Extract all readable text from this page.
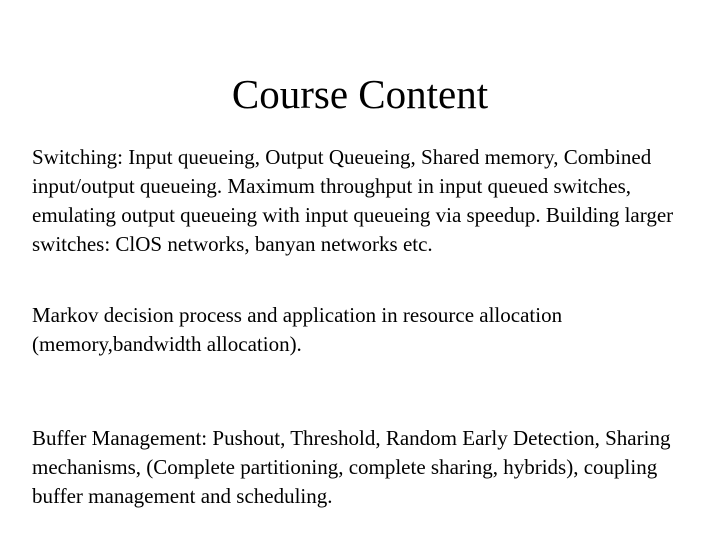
Course Content

Switching: Input queueing, Output Queueing, Shared memory, Combined input/output queueing. Maximum throughput in input queued switches, emulating output queueing with input queueing via speedup. Building larger switches: Cl​OS networks, banyan networks etc.

Markov decision process and application in resource allocation (memory,bandwidth allocation).

Buffer Management: Pushout, Threshold, Random Early Detection, Sharing mechanisms, (Complete partitioning, complete sharing, hybrids), coupling buffer management and scheduling.
